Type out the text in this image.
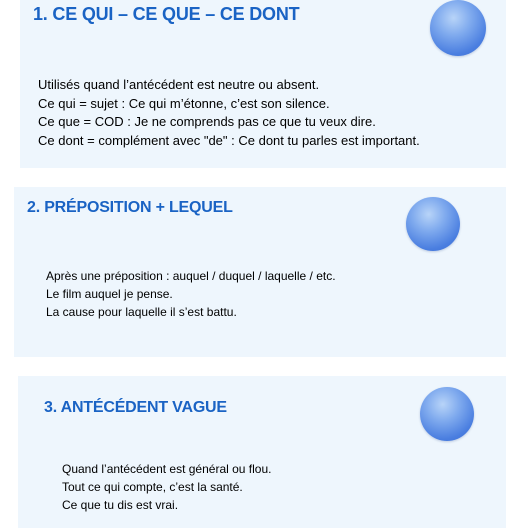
1. CE QUI – CE QUE – CE DONT
Utilisés quand l’antécédent est neutre ou absent.
Ce qui = sujet : Ce qui m’étonne, c’est son silence.
Ce que = COD : Je ne comprends pas ce que tu veux dire.
Ce dont = complément avec "de" : Ce dont tu parles est important.
2. PRÉPOSITION + LEQUEL
Après une préposition : auquel / duquel / laquelle / etc.
Le film auquel je pense.
La cause pour laquelle il s’est battu.
3. ANTÉCÉDENT VAGUE
Quand l’antécédent est général ou flou.
Tout ce qui compte, c’est la santé.
Ce que tu dis est vrai.
